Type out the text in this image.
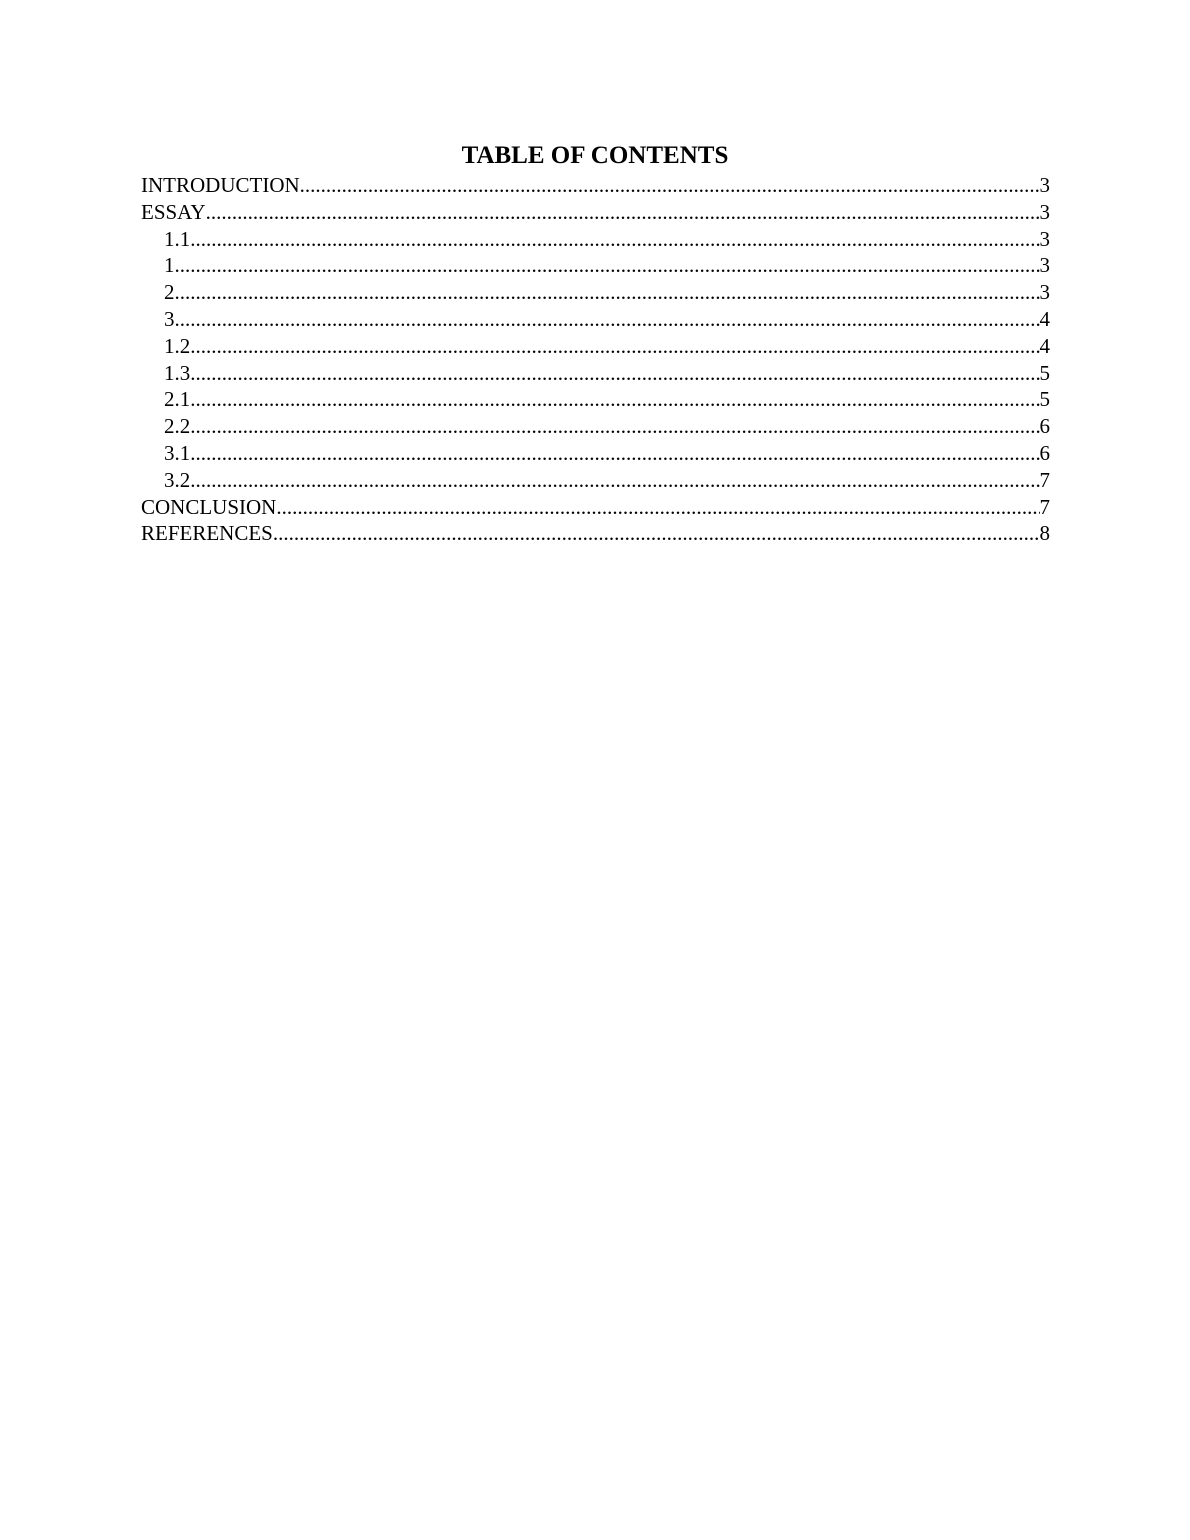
TABLE OF CONTENTS
INTRODUCTION .....	3
ESSAY .....	3
1.1 .....	3
1 .....	3
2 .....	3
3 .....	4
1.2 .....	4
1.3 .....	5
2.1 .....	5
2.2 .....	6
3.1 .....	6
3.2 .....	7
CONCLUSION .....	7
REFERENCES .....	8
